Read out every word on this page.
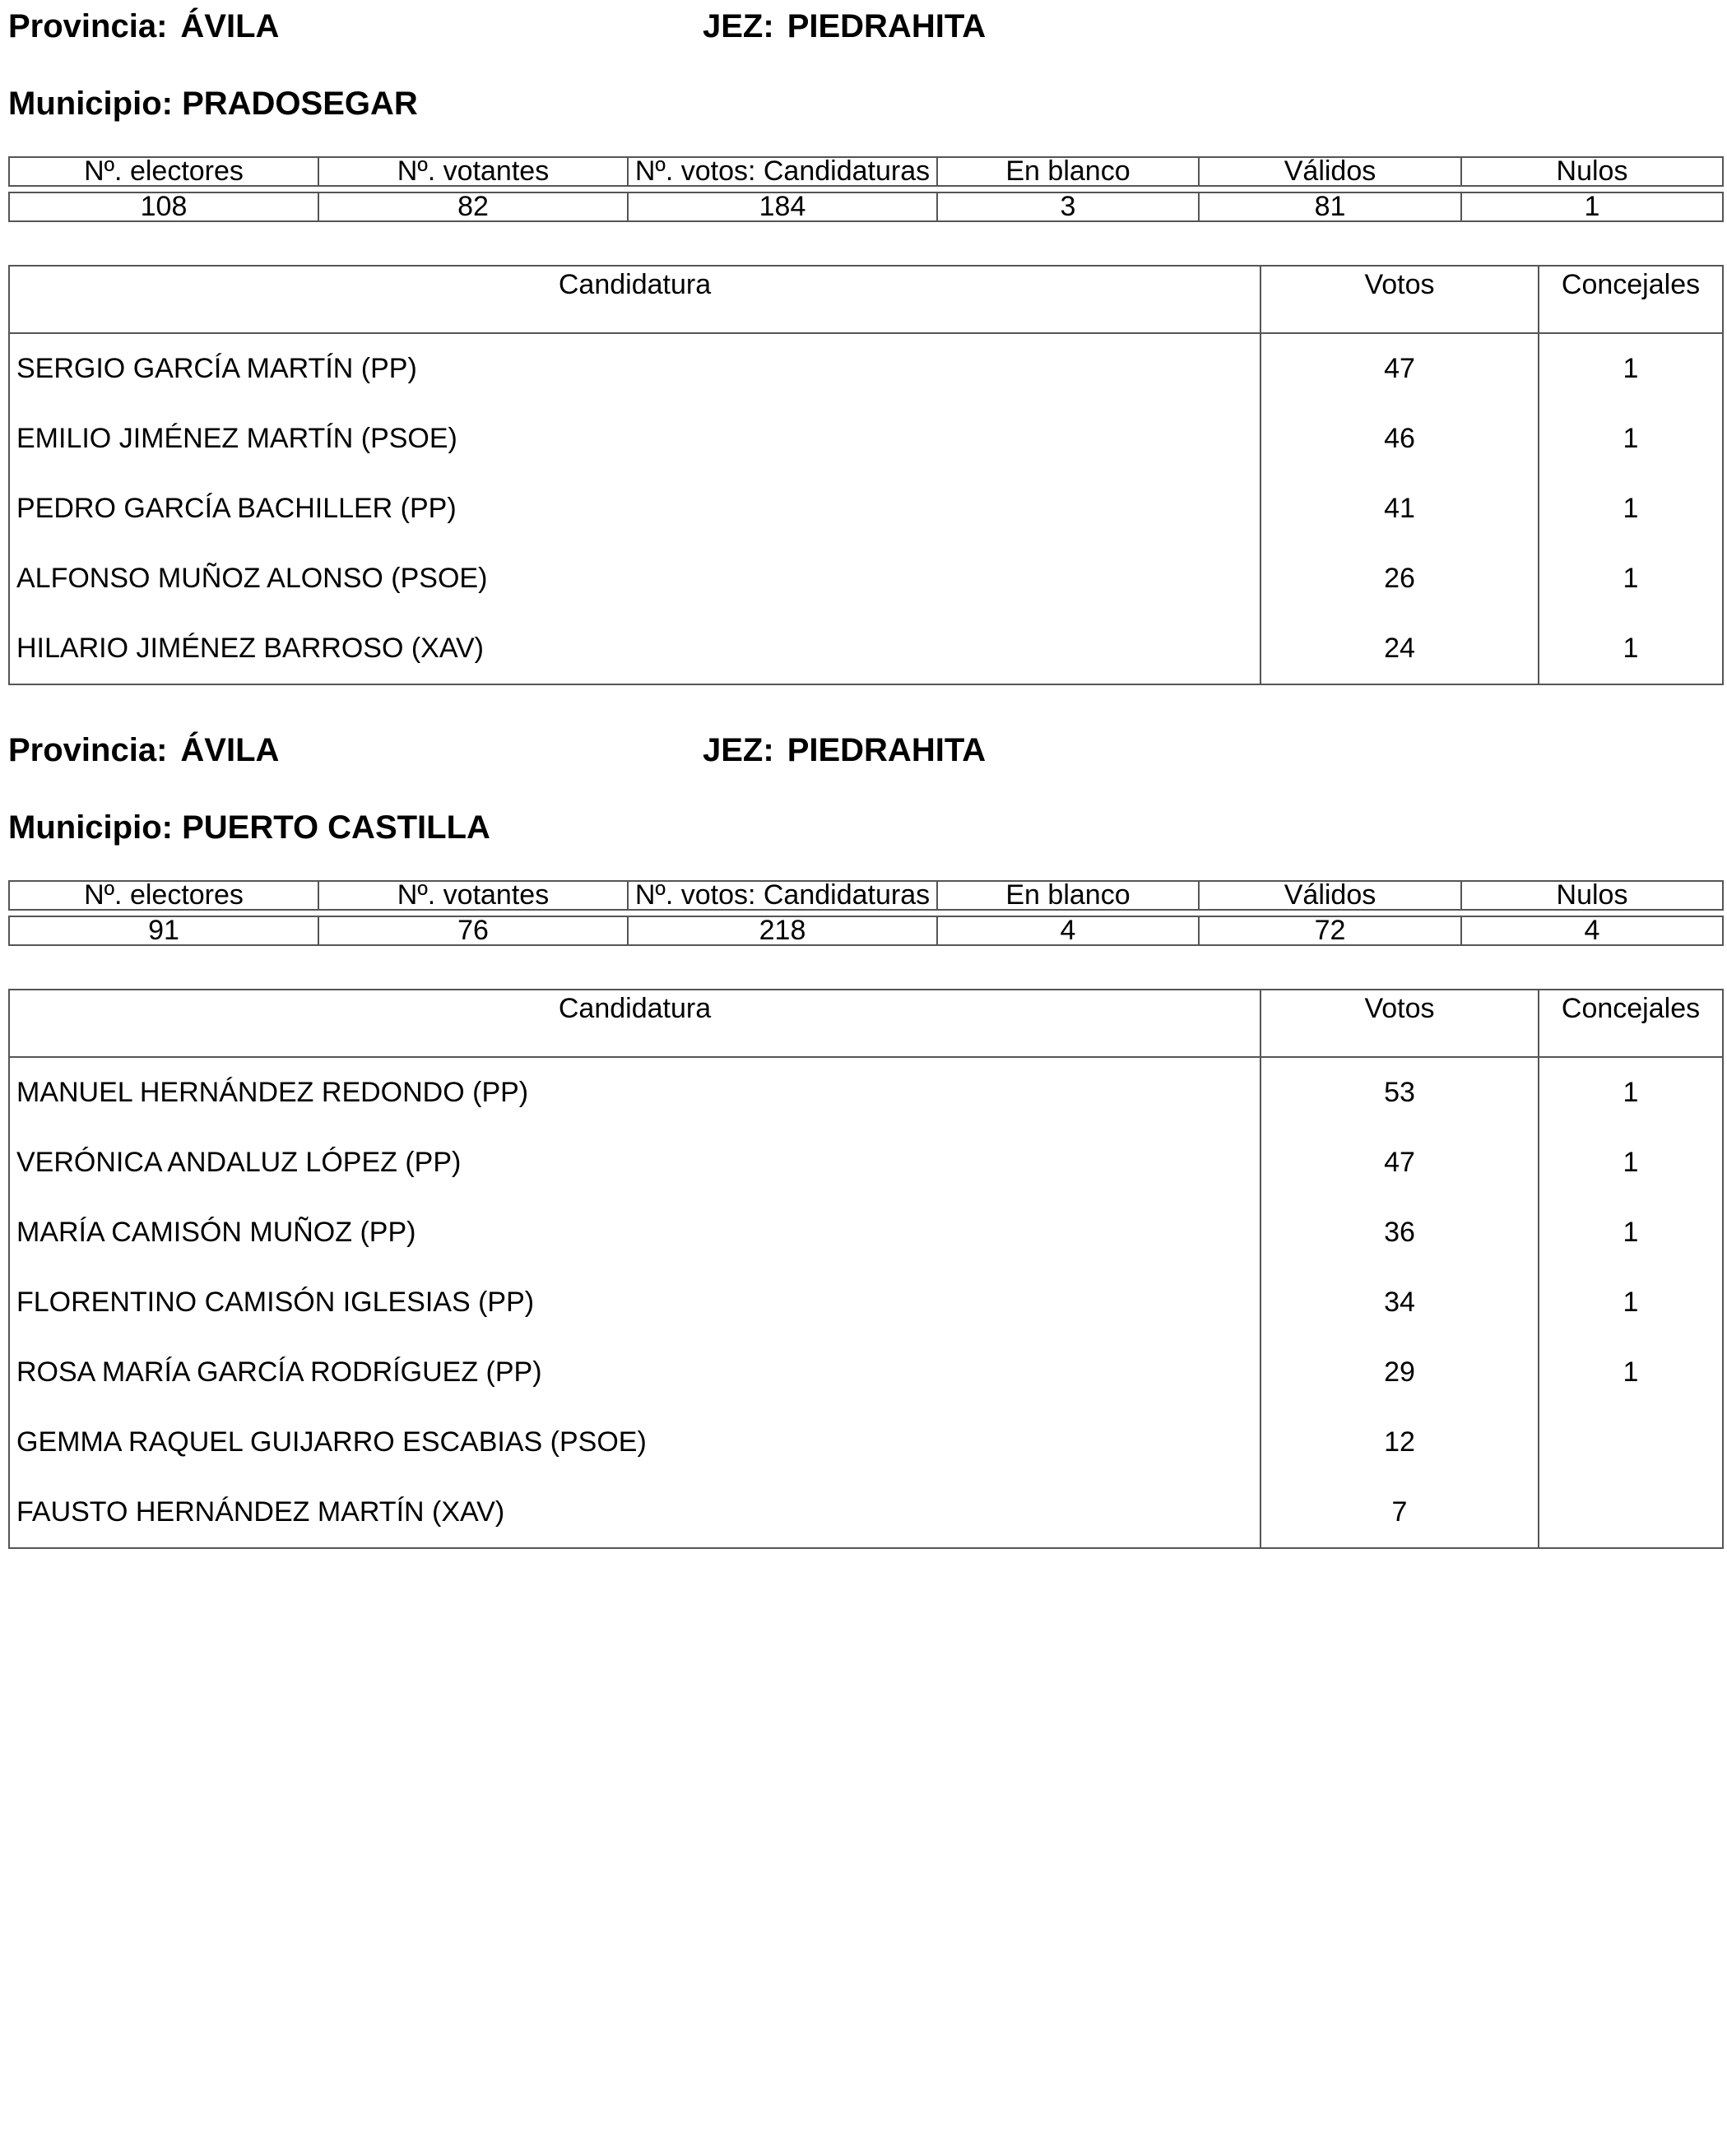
Provincia: ÁVILA	JEZ: PIEDRAHITA
Municipio: PRADOSEGAR
Nº. electores	Nº. votantes	Nº. votos: Candidaturas	En blanco	Válidos	Nulos

108	82	184	3	81	1
Candidatura	Votos	Concejales
SERGIO GARCÍA MARTÍN (PP)	47	1
EMILIO JIMÉNEZ MARTÍN (PSOE)	46	1
PEDRO GARCÍA BACHILLER (PP)	41	1
ALFONSO MUÑOZ ALONSO (PSOE)	26	1
HILARIO JIMÉNEZ BARROSO (XAV)	24	1
Provincia: ÁVILA	JEZ: PIEDRAHITA
Municipio: PUERTO CASTILLA
Nº. electores	Nº. votantes	Nº. votos: Candidaturas	En blanco	Válidos	Nulos

91	76	218	4	72	4
Candidatura	Votos	Concejales
MANUEL HERNÁNDEZ REDONDO (PP)	53	1
VERÓNICA ANDALUZ LÓPEZ (PP)	47	1
MARÍA CAMISÓN MUÑOZ (PP)	36	1
FLORENTINO CAMISÓN IGLESIAS (PP)	34	1
ROSA MARÍA GARCÍA RODRÍGUEZ (PP)	29	1
GEMMA RAQUEL GUIJARRO ESCABIAS (PSOE)	12	
FAUSTO HERNÁNDEZ MARTÍN (XAV)	7	
